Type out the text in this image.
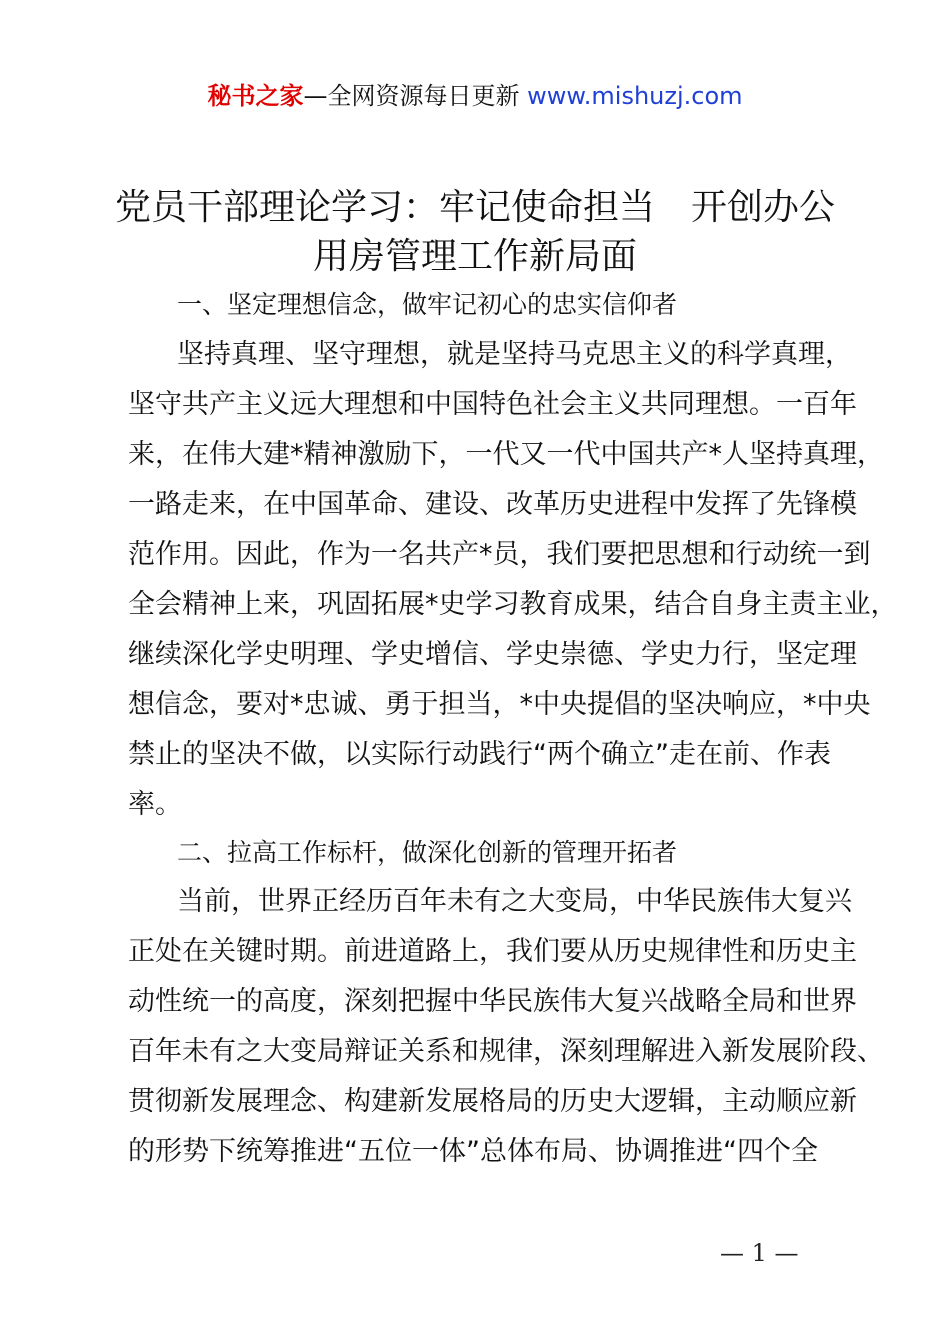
秘书之家—全网资源每日更新 www.mishuzj.com
党员干部理论学习：牢记使命担当　开创办公
用房管理工作新局面
一、坚定理想信念，做牢记初心的忠实信仰者
坚持真理、坚守理想，就是坚持马克思主义的科学真理，
坚守共产主义远大理想和中国特色社会主义共同理想。一百年
来，在伟大建*精神激励下，一代又一代中国共产*人坚持真理，
一路走来，在中国革命、建设、改革历史进程中发挥了先锋模
范作用。因此，作为一名共产*员，我们要把思想和行动统一到
全会精神上来，巩固拓展*史学习教育成果，结合自身主责主业，
继续深化学史明理、学史增信、学史崇德、学史力行，坚定理
想信念，要对*忠诚、勇于担当，*中央提倡的坚决响应，*中央
禁止的坚决不做，以实际行动践行“两个确立”走在前、作表
率。
二、拉高工作标杆，做深化创新的管理开拓者
当前，世界正经历百年未有之大变局，中华民族伟大复兴
正处在关键时期。前进道路上，我们要从历史规律性和历史主
动性统一的高度，深刻把握中华民族伟大复兴战略全局和世界
百年未有之大变局辩证关系和规律，深刻理解进入新发展阶段、
贯彻新发展理念、构建新发展格局的历史大逻辑，主动顺应新
的形势下统筹推进“五位一体”总体布局、协调推进“四个全
— 1 —
